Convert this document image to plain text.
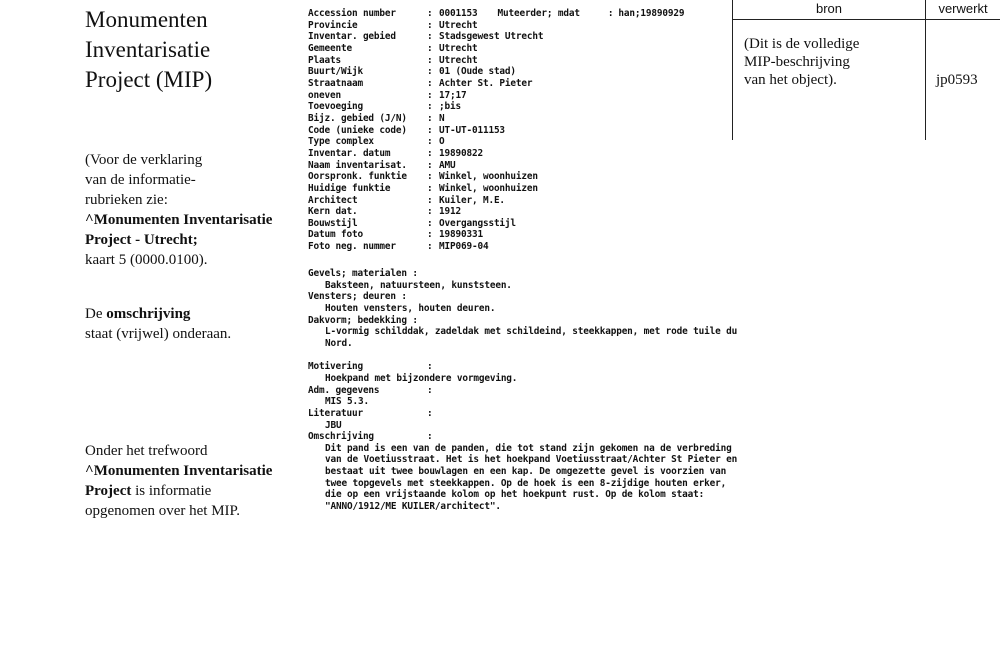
Monumenten
Inventarisatie
Project (MIP)
(Voor de verklaring
van de informatie-
rubrieken zie:
^Monumenten Inventarisatie
Project - Utrecht;
kaart 5 (0000.0100).
De omschrijving
staat (vrijwel) onderaan.
Onder het trefwoord
^Monumenten Inventarisatie
Project is informatie
opgenomen over het MIP.
Accession number	: 0001153 Muteerder; mdat	: han;19890929
Provincie	: Utrecht
Inventar. gebied	: Stadsgewest Utrecht
Gemeente	: Utrecht
Plaats	: Utrecht
Buurt/Wijk	: 01 (Oude stad)
Straatnaam	: Achter St. Pieter
oneven	: 17;17
Toevoeging	: ;bis
Bijz. gebied (J/N)	: N
Code (unieke code)	: UT-UT-011153
Type complex	: O
Inventar. datum	: 19890822
Naam inventarisat.	: AMU
Oorspronk. funktie	: Winkel, woonhuizen
Huidige funktie	: Winkel, woonhuizen
Architect	: Kuiler, M.E.
Kern dat.	: 1912
Bouwstijl	: Overgangsstijl
Datum foto	: 19890331
Foto neg. nummer	: MIP069-04
Gevels; materialen :
Baksteen, natuursteen, kunststeen.
Vensters; deuren :
Houten vensters, houten deuren.
Dakvorm; bedekking :
L-vormig schilddak, zadeldak met schildeind, steekkappen, met rode tuile du
Nord.
Motivering	:
Hoekpand met bijzondere vormgeving.
Adm. gegevens	:
MIS 5.3.
Literatuur	:
JBU
Omschrijving	:
Dit pand is een van de panden, die tot stand zijn gekomen na de verbreding
van de Voetiusstraat. Het is het hoekpand Voetiusstraat/Achter St Pieter en
bestaat uit twee bouwlagen en een kap. De omgezette gevel is voorzien van
twee topgevels met steekkappen. Op de hoek is een 8-zijdige houten erker,
die op een vrijstaande kolom op het hoekpunt rust. Op de kolom staat:
"ANNO/1912/ME KUILER/architect".
bron	verwerkt
(Dit is de volledige
MIP-beschrijving
van het object).	jp0593
